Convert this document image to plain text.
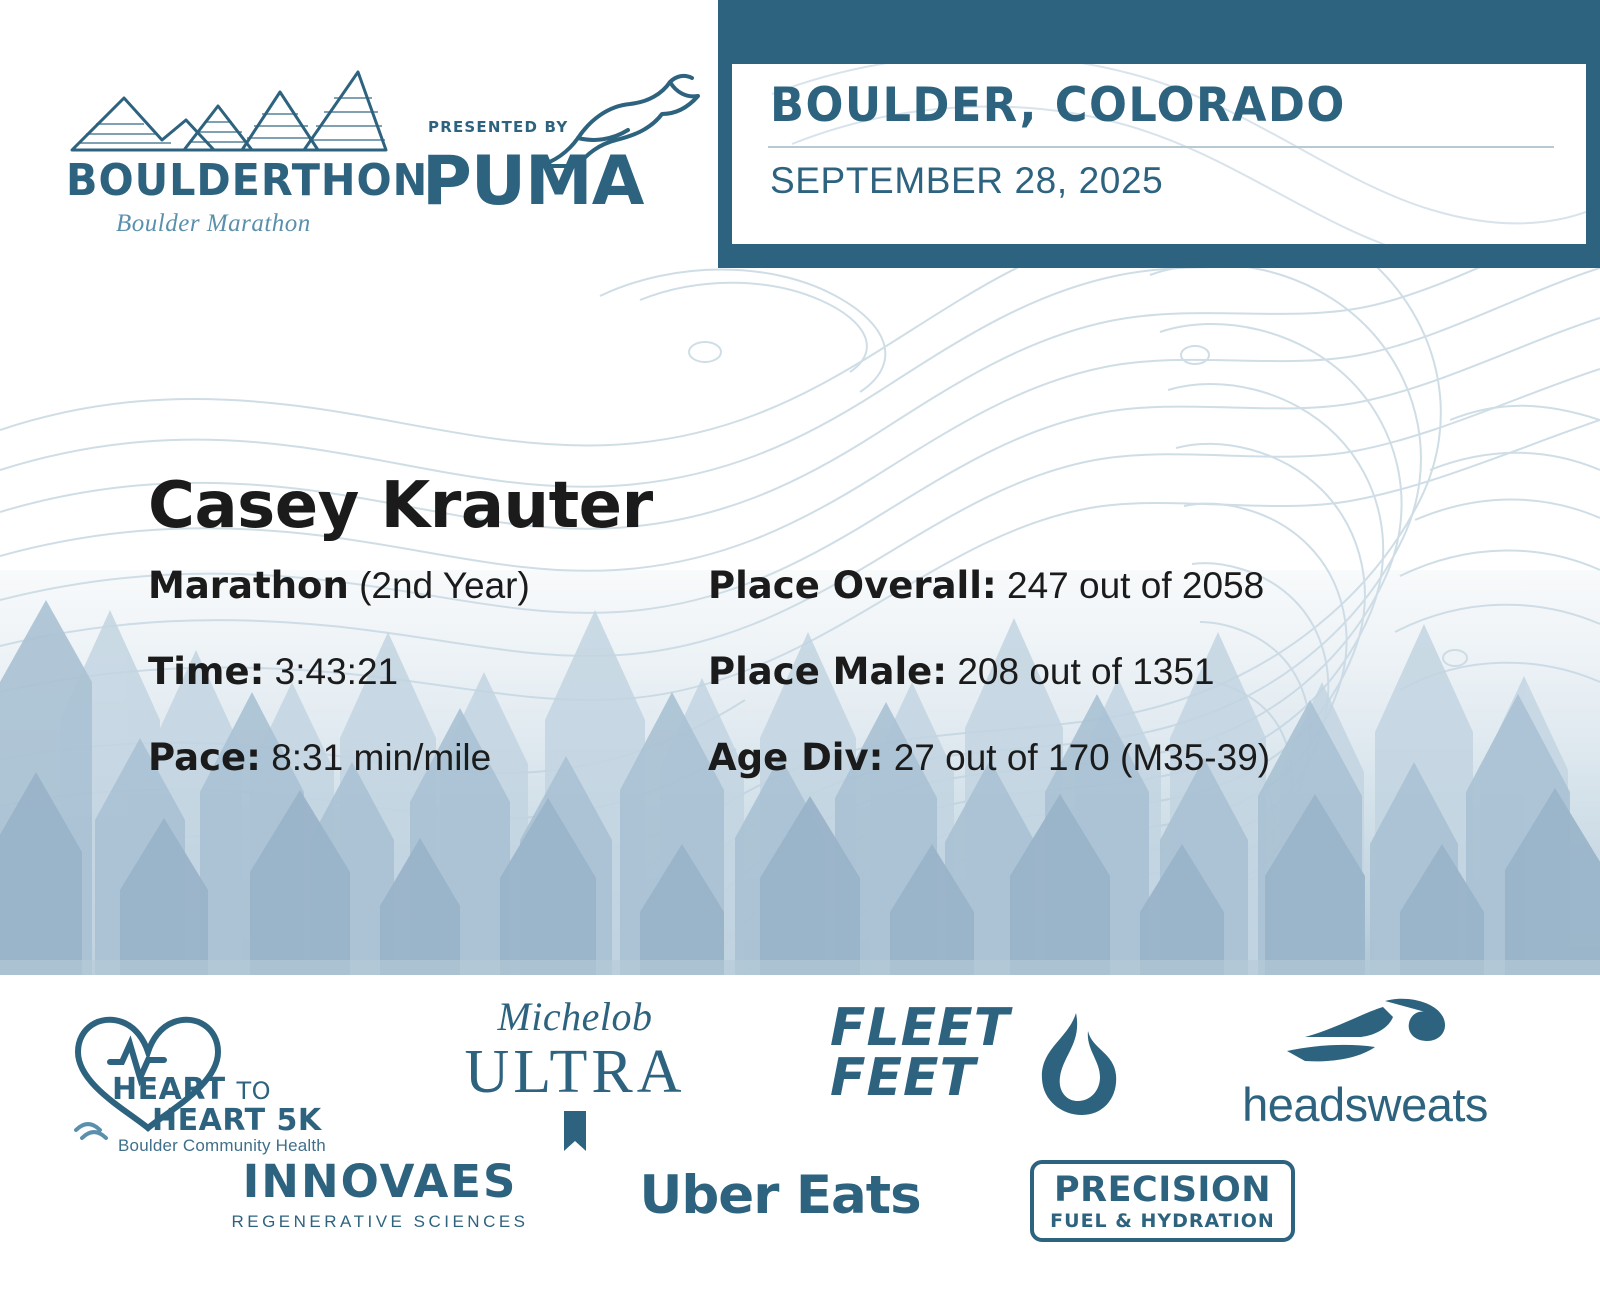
BOULDER, COLORADO
SEPTEMBER 28, 2025
BOULDERTHON
Boulder Marathon
PRESENTED BY
PUMA
Casey Krauter
Marathon (2nd Year)	Place Overall: 247 out of 2058
Time: 3:43:21	Place Male: 208 out of 1351
Pace: 8:31 min/mile	Age Div: 27 out of 170 (M35-39)
HEART TO
HEART 5K
Boulder Community Health
Michelob
ULTRA
FLEET
FEET	headsweats
INNOVAES
REGENERATIVE SCIENCES	Uber Eats	PRECISION
FUEL & HYDRATION
